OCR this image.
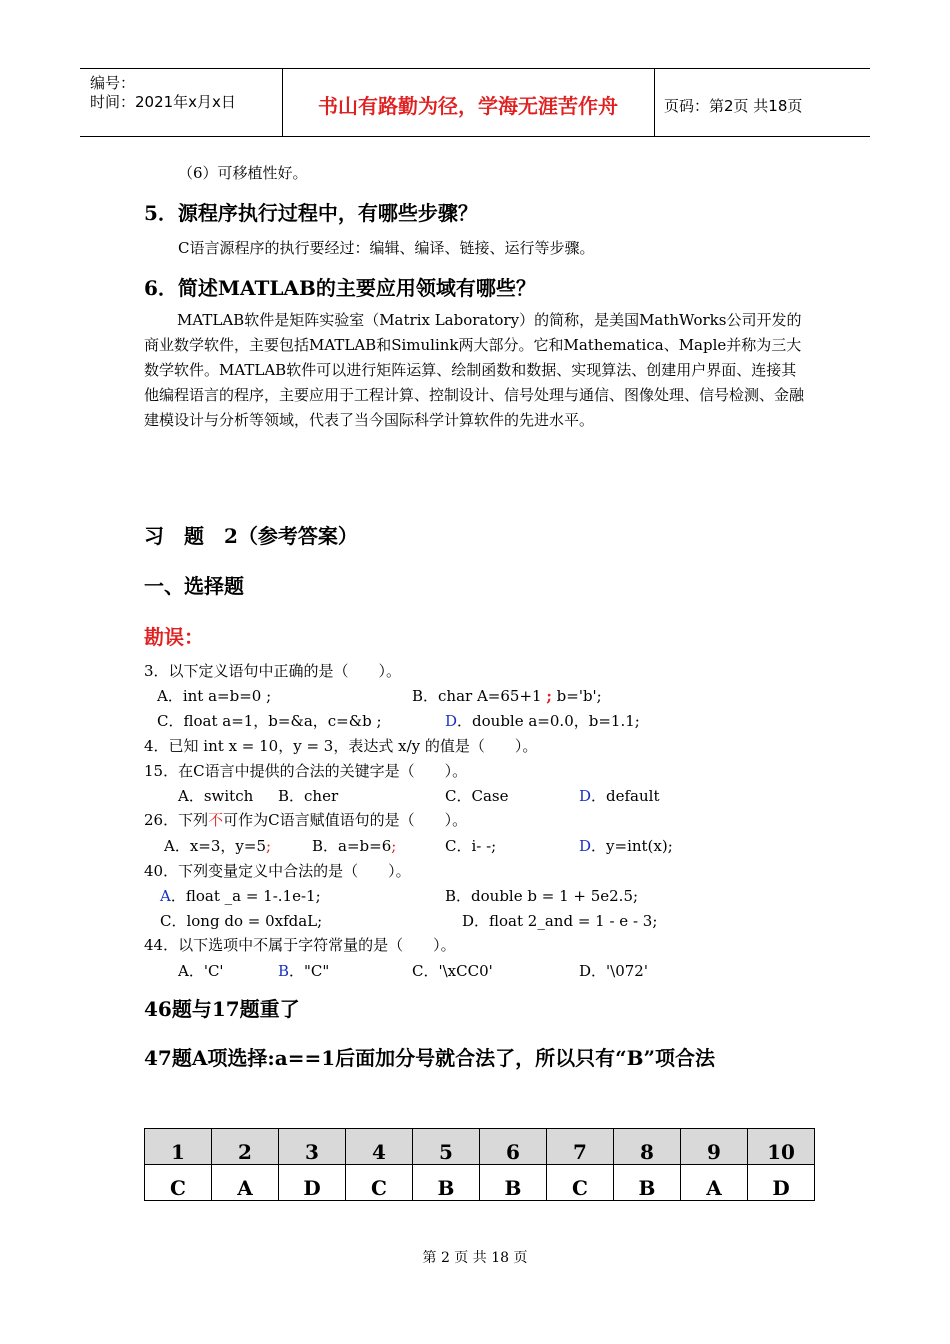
编号：
时间：2021年x月x日	书山有路勤为径，学海无涯苦作舟	页码：第2页 共18页
（6）可移植性好。
5．源程序执行过程中，有哪些步骤？
C语言源程序的执行要经过：编辑、编译、链接、运行等步骤。
6．简述MATLAB的主要应用领域有哪些？

MATLAB软件是矩阵实验室（Matrix Laboratory）的简称，是美国MathWorks公司开发的商业数学软件，主要包括MATLAB和Simulink两大部分。它和Mathematica、Maple并称为三大数学软件。MATLAB软件可以进行矩阵运算、绘制函数和数据、实现算法、创建用户界面、连接其他编程语言的程序，主要应用于工程计算、控制设计、信号处理与通信、图像处理、信号检测、金融建模设计与分析等领域，代表了当今国际科学计算软件的先进水平。

习　题　2（参考答案）
一、选择题
勘误：
3．以下定义语句中正确的是（　　）。
A．int a=b=0 ;	B．char A=65+1 ; b='b';
C．float a=1，b=&a，c=&b ;	D．double a=0.0，b=1.1;
4．已知 int x = 10，y = 3，表达式 x/y 的值是（　　）。
15．在C语言中提供的合法的关键字是（　　）。
A．switch B．cher	C．Case	D．default
26．下列不可作为C语言赋值语句的是（　　）。
A．x=3，y=5;	B．a=b=6;	C．i- -;	D．y=int(x);
40．下列变量定义中合法的是（　　）。
A．float _a = 1-.1e-1;	B．double b = 1 + 5e2.5;
C．long do = 0xfdaL;	D．float 2_and = 1 - e - 3;
44．以下选项中不属于字符常量的是（　　）。
A．'C'	B．"C"	C．'\xCC0'	D．'\072'
46题与17题重了
47题A项选择:a==1后面加分号就合法了，所以只有“B”项合法
1	2	3	4	5	6	7	8	9	10
C	A	D	C	B	B	C	B	A	D
第 2 页 共 18 页
